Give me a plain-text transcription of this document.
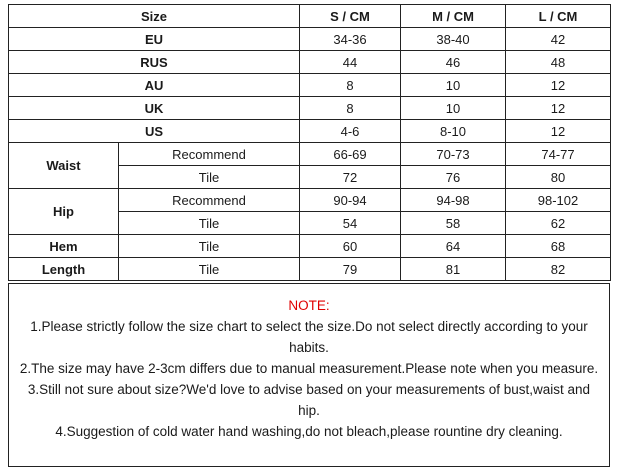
Size		S / CM	M / CM	L / CM
EU		34-36	38-40	42
RUS		44	46	48
AU		8	10	12
UK		8	10	12
US		4-6	8-10	12
Waist	Recommend	66-69	70-73	74-77
	Tile	72	76	80
Hip	Recommend	90-94	94-98	98-102
	Tile	54	58	62
Hem	Tile	60	64	68
Length	Tile	79	81	82
NOTE:
1.Please strictly follow the size chart to select the size.Do not select directly according to your habits.
2.The size may have 2-3cm differs due to manual measurement.Please note when you measure.
3.Still not sure about size?We'd love to advise based on your measurements of bust,waist and hip.
4.Suggestion of cold water hand washing,do not bleach,please rountine dry cleaning.
